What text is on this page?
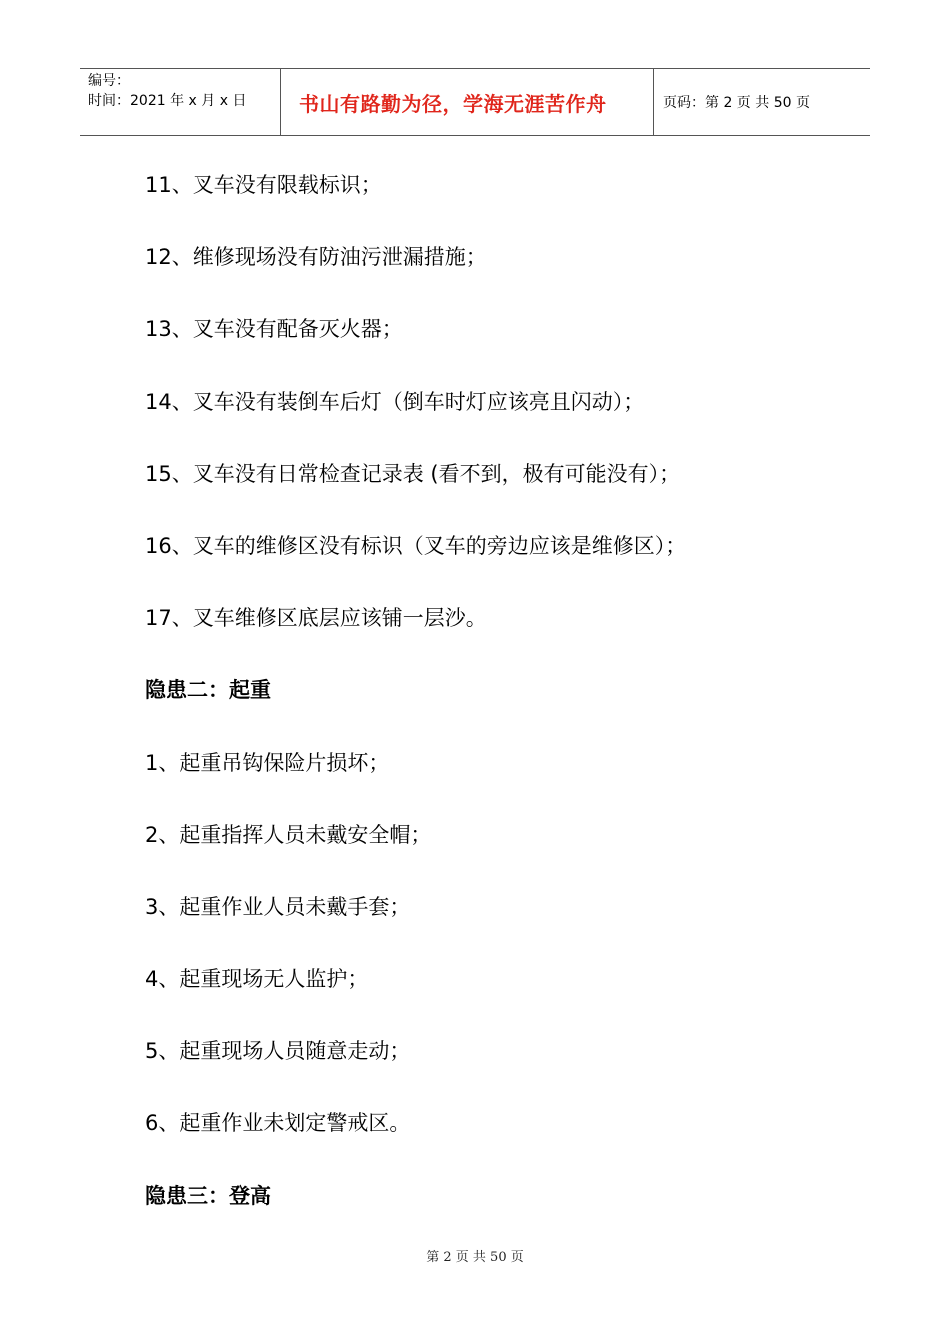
编号：
时间：2021 年 x 月 x 日	书山有路勤为径，学海无涯苦作舟	页码：第 2 页 共 50 页
11、叉车没有限载标识；
12、维修现场没有防油污泄漏措施；
13、叉车没有配备灭火器；
14、叉车没有装倒车后灯（倒车时灯应该亮且闪动）；
15、叉车没有日常检查记录表 (看不到，极有可能没有）；
16、叉车的维修区没有标识（叉车的旁边应该是维修区）；
17、叉车维修区底层应该铺一层沙。
隐患二：起重
1、起重吊钩保险片损坏；
2、起重指挥人员未戴安全帽；
3、起重作业人员未戴手套；
4、起重现场无人监护；
5、起重现场人员随意走动；
6、起重作业未划定警戒区。
隐患三：登高
第 2 页 共 50 页
